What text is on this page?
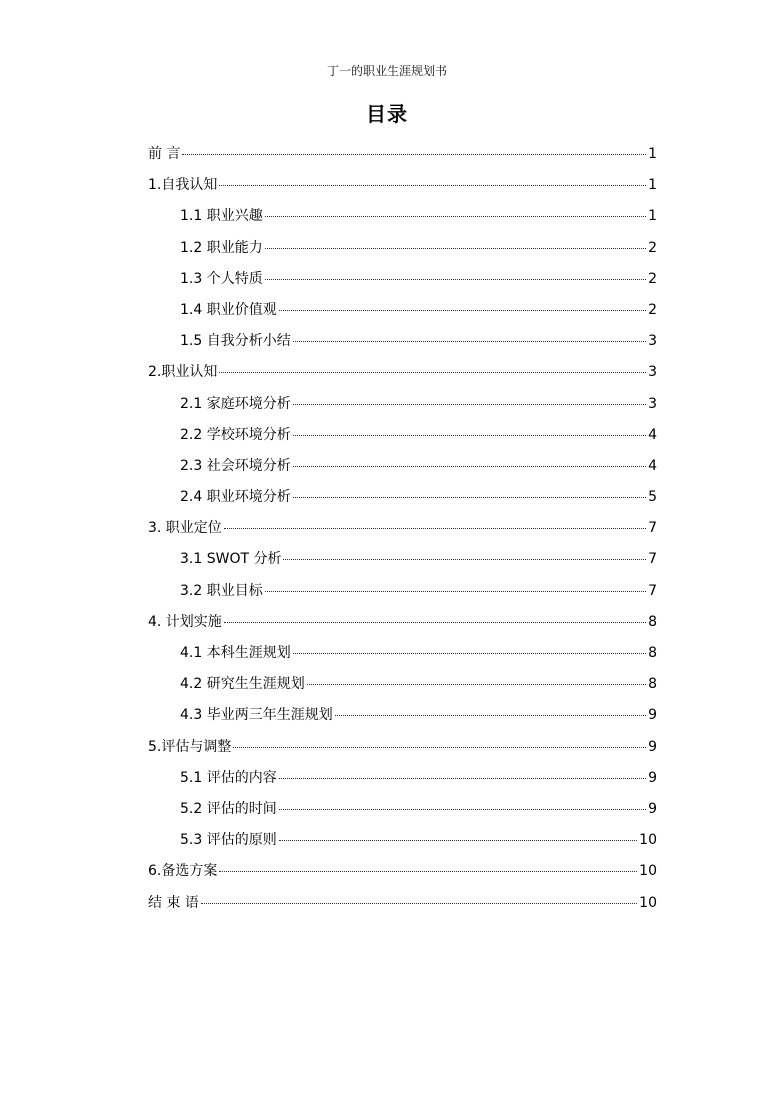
丁一的职业生涯规划书
目录
前 言	1
1.自我认知	1
1.1 职业兴趣	1
1.2 职业能力	2
1.3 个人特质	2
1.4 职业价值观	2
1.5 自我分析小结	3
2.职业认知	3
2.1 家庭环境分析	3
2.2 学校环境分析	4
2.3 社会环境分析	4
2.4 职业环境分析	5
3. 职业定位	7
3.1 SWOT 分析	7
3.2 职业目标	7
4. 计划实施	8
4.1 本科生涯规划	8
4.2 研究生生涯规划	8
4.3 毕业两三年生涯规划	9
5.评估与调整	9
5.1 评估的内容	9
5.2 评估的时间	9
5.3 评估的原则	10
6.备选方案	10
结 束 语	10
